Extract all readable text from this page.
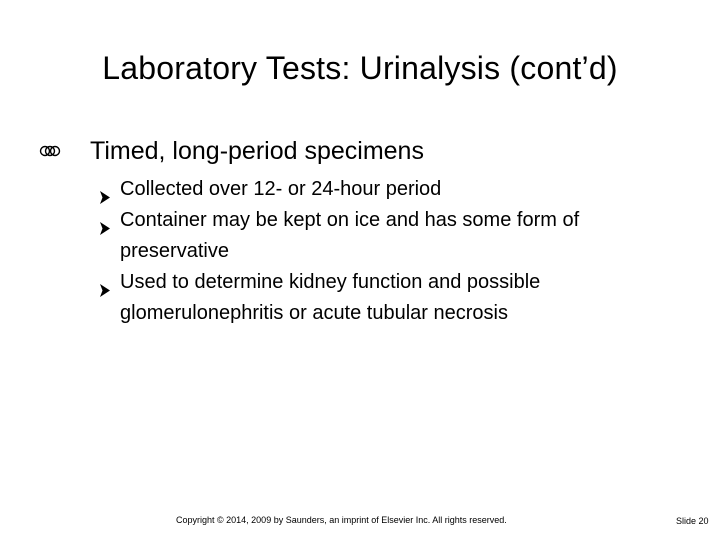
Laboratory Tests: Urinalysis (cont’d)
Timed, long-period specimens
Collected over 12- or 24-hour period
Container may be kept on ice and has some form of preservative
Used to determine kidney function and possible glomerulonephritis or acute tubular necrosis
Copyright © 2014, 2009 by Saunders, an imprint of Elsevier Inc. All rights reserved.	Slide 20
